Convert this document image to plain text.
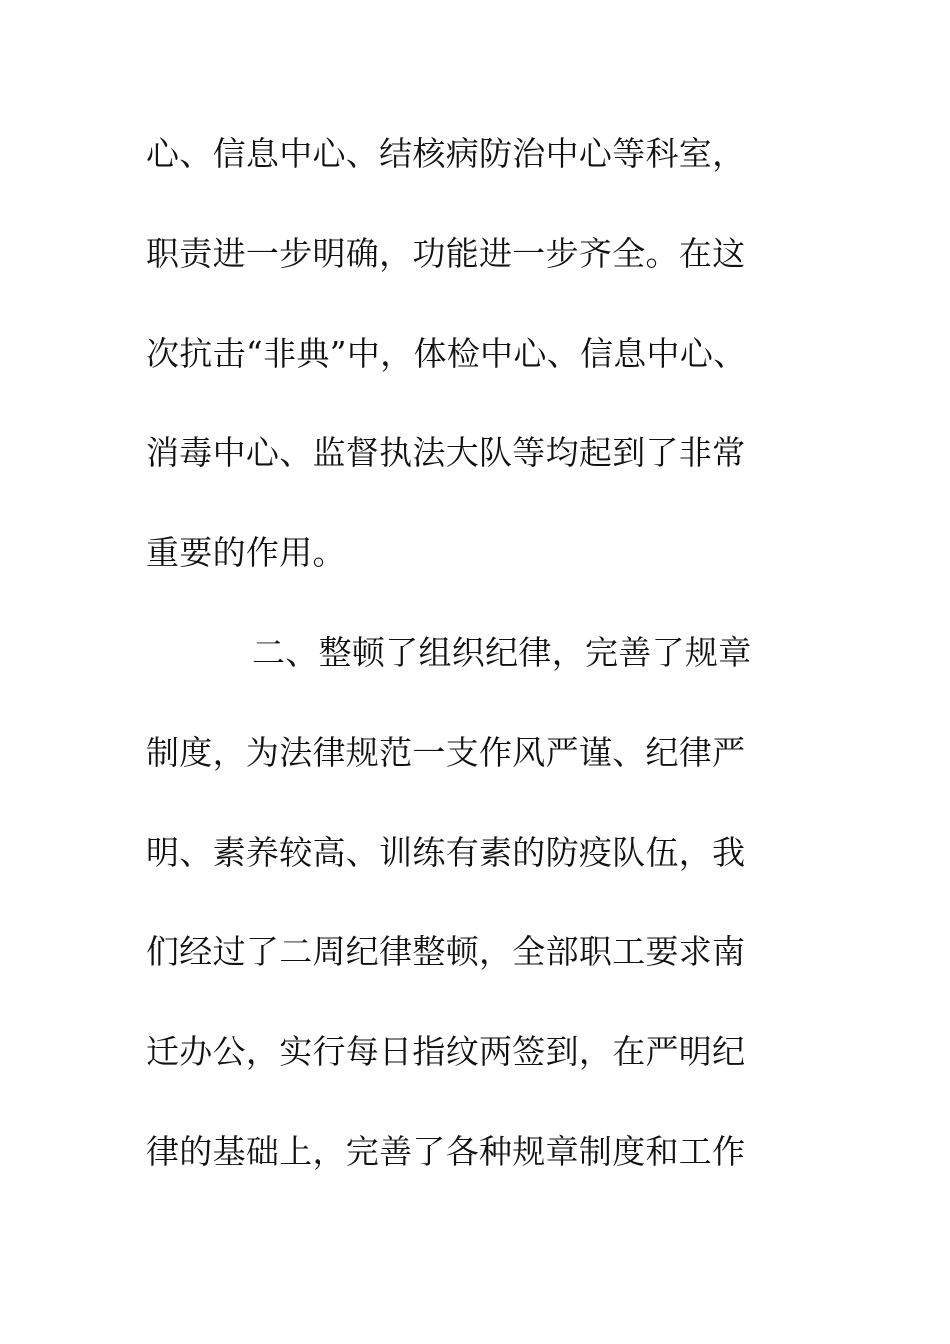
心、信息中心、结核病防治中心等科室，
职责进一步明确，功能进一步齐全。在这
次抗击“非典”中，体检中心、信息中心、
消毒中心、监督执法大队等均起到了非常
重要的作用。
二、整顿了组织纪律，完善了规章
制度，为法律规范一支作风严谨、纪律严
明、素养较高、训练有素的防疫队伍，我
们经过了二周纪律整顿，全部职工要求南
迁办公，实行每日指纹两签到，在严明纪
律的基础上，完善了各种规章制度和工作
